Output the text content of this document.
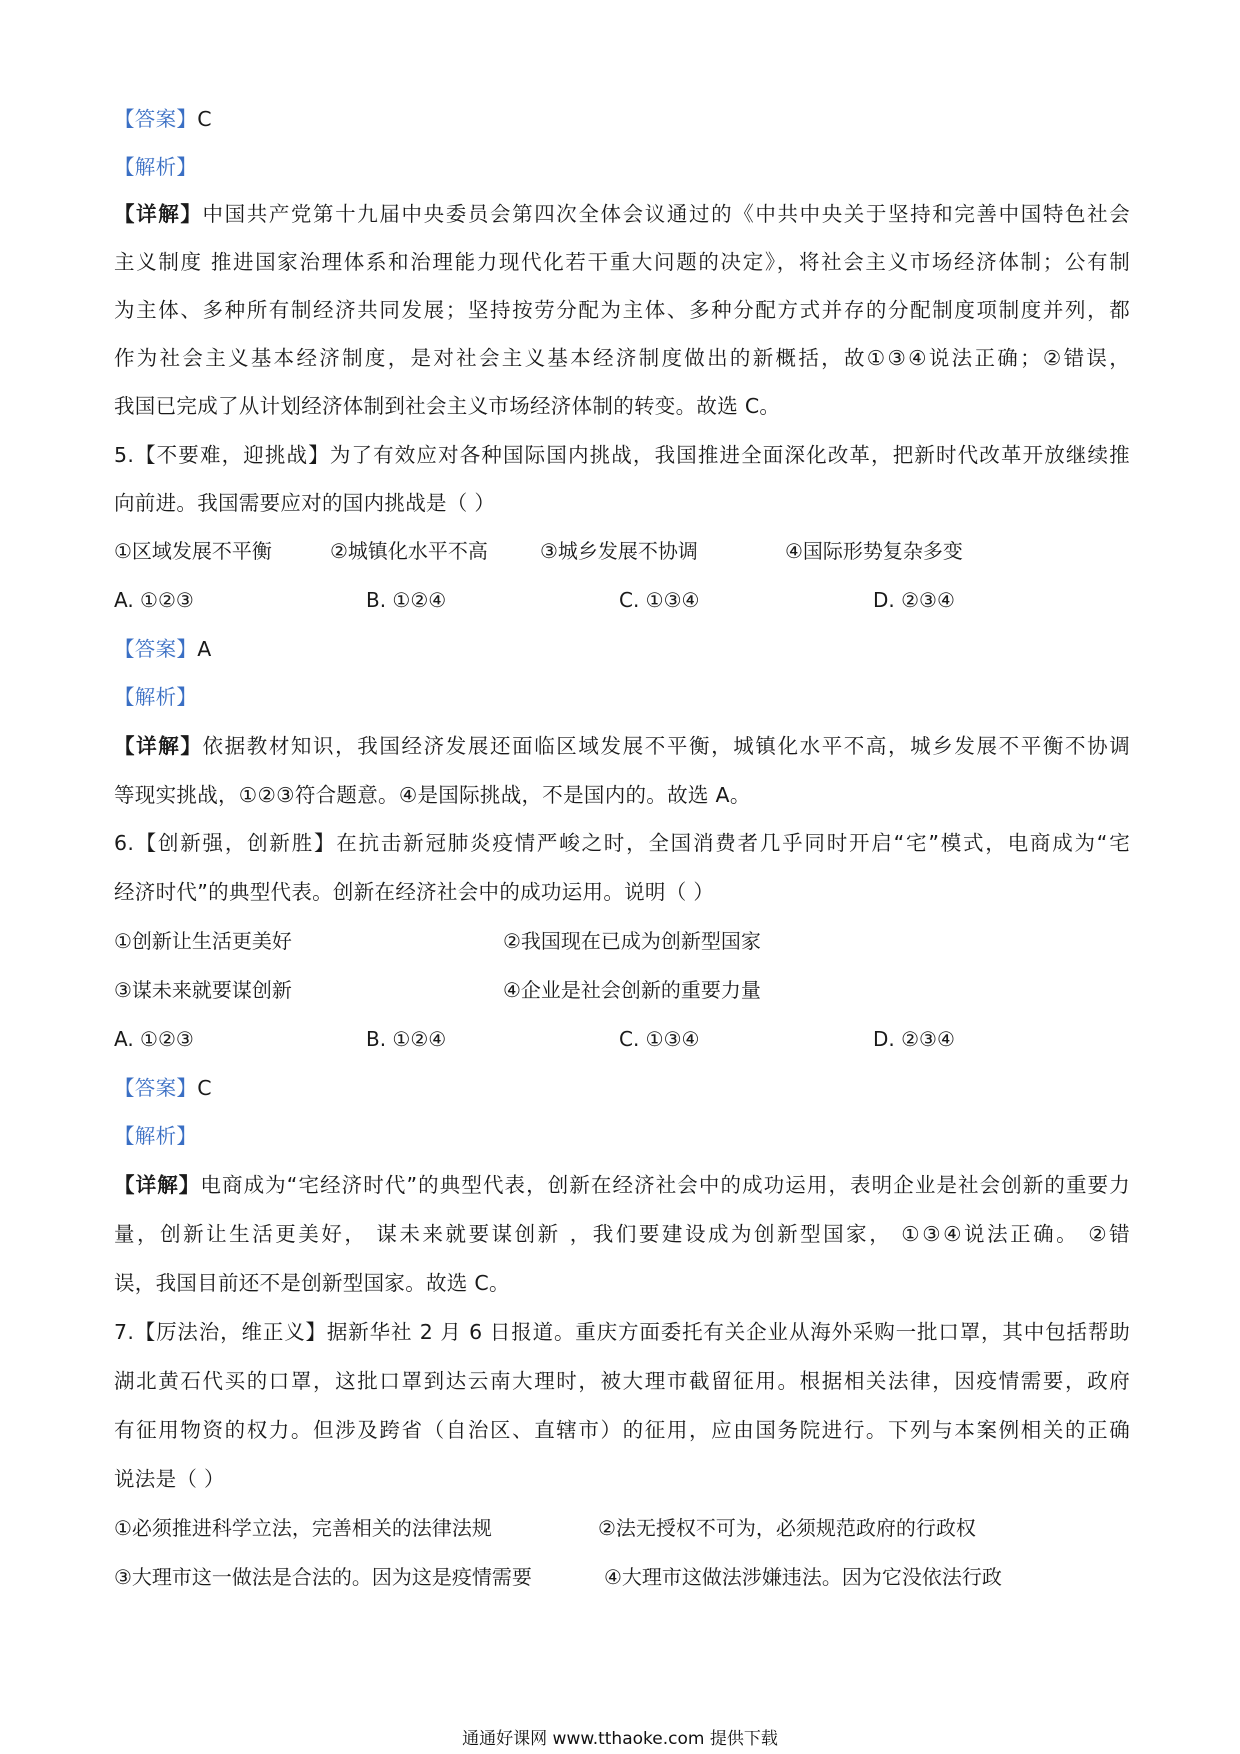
【答案】C
【解析】
【详解】中国共产党第十九届中央委员会第四次全体会议通过的《中共中央关于坚持和完善中国特色社会
主义制度 推进国家治理体系和治理能力现代化若干重大问题的决定》，将社会主义市场经济体制；公有制
为主体、多种所有制经济共同发展；坚持按劳分配为主体、多种分配方式并存的分配制度项制度并列，都
作为社会主义基本经济制度，是对社会主义基本经济制度做出的新概括，故①③④说法正确；②错误，
我国已完成了从计划经济体制到社会主义市场经济体制的转变。故选 C。
5.【不要难，迎挑战】为了有效应对各种国际国内挑战，我国推进全面深化改革，把新时代改革开放继续推
向前进。我国需要应对的国内挑战是（ ）
①区域发展不平衡	②城镇化水平不高	③城乡发展不协调	④国际形势复杂多变
A. ①②③	B. ①②④	C. ①③④	D. ②③④
【答案】A
【解析】
【详解】依据教材知识，我国经济发展还面临区域发展不平衡，城镇化水平不高，城乡发展不平衡不协调
等现实挑战，①②③符合题意。④是国际挑战，不是国内的。故选 A。
6.【创新强，创新胜】在抗击新冠肺炎疫情严峻之时，全国消费者几乎同时开启“宅”模式，电商成为“宅
经济时代”的典型代表。创新在经济社会中的成功运用。说明（ ）
①创新让生活更美好	②我国现在已成为创新型国家
③谋未来就要谋创新	④企业是社会创新的重要力量
A. ①②③	B. ①②④	C. ①③④	D. ②③④
【答案】C
【解析】
【详解】电商成为“宅经济时代”的典型代表，创新在经济社会中的成功运用，表明企业是社会创新的重要力
量，创新让生活更美好， 谋未来就要谋创新 ，我们要建设成为创新型国家， ①③④说法正确。 ②错
误，我国目前还不是创新型国家。故选 C。
7.【厉法治，维正义】据新华社 2 月 6 日报道。重庆方面委托有关企业从海外采购一批口罩，其中包括帮助
湖北黄石代买的口罩，这批口罩到达云南大理时，被大理市截留征用。根据相关法律，因疫情需要，政府
有征用物资的权力。但涉及跨省（自治区、直辖市）的征用，应由国务院进行。下列与本案例相关的正确
说法是（ ）
①必须推进科学立法，完善相关的法律法规	②法无授权不可为，必须规范政府的行政权
③大理市这一做法是合法的。因为这是疫情需要	④大理市这做法涉嫌违法。因为它没依法行政
通通好课网 www.tthaoke.com 提供下载
